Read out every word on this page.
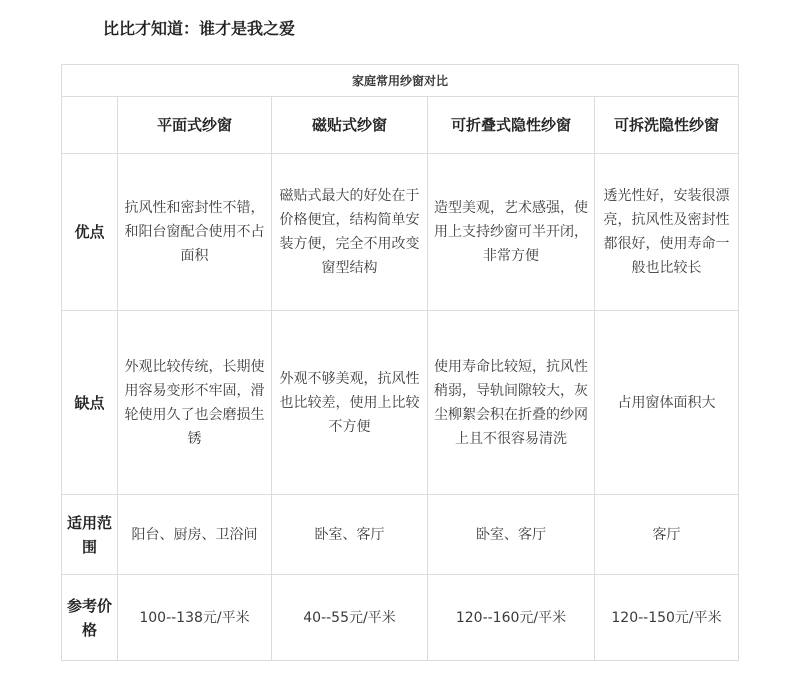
比比才知道：谁才是我之爱
家庭常用纱窗对比				
	平面式纱窗	磁贴式纱窗	可折叠式隐性纱窗	可拆洗隐性纱窗
优点	抗风性和密封性不错，和阳台窗配合使用不占面积	磁贴式最大的好处在于价格便宜，结构简单安装方便，完全不用改变窗型结构	造型美观，艺术感强，使用上支持纱窗可半开闭，非常方便	透光性好，安装很漂亮，抗风性及密封性都很好，使用寿命一般也比较长
缺点	外观比较传统，长期使用容易变形不牢固，滑轮使用久了也会磨损生锈	外观不够美观，抗风性也比较差，使用上比较不方便	使用寿命比较短，抗风性稍弱，导轨间隙较大，灰尘柳絮会积在折叠的纱网上且不很容易清洗	占用窗体面积大
适用范围	阳台、厨房、卫浴间	卧室、客厅	卧室、客厅	客厅
参考价格	100--138元/平米	40--55元/平米	120--160元/平米	120--150元/平米
